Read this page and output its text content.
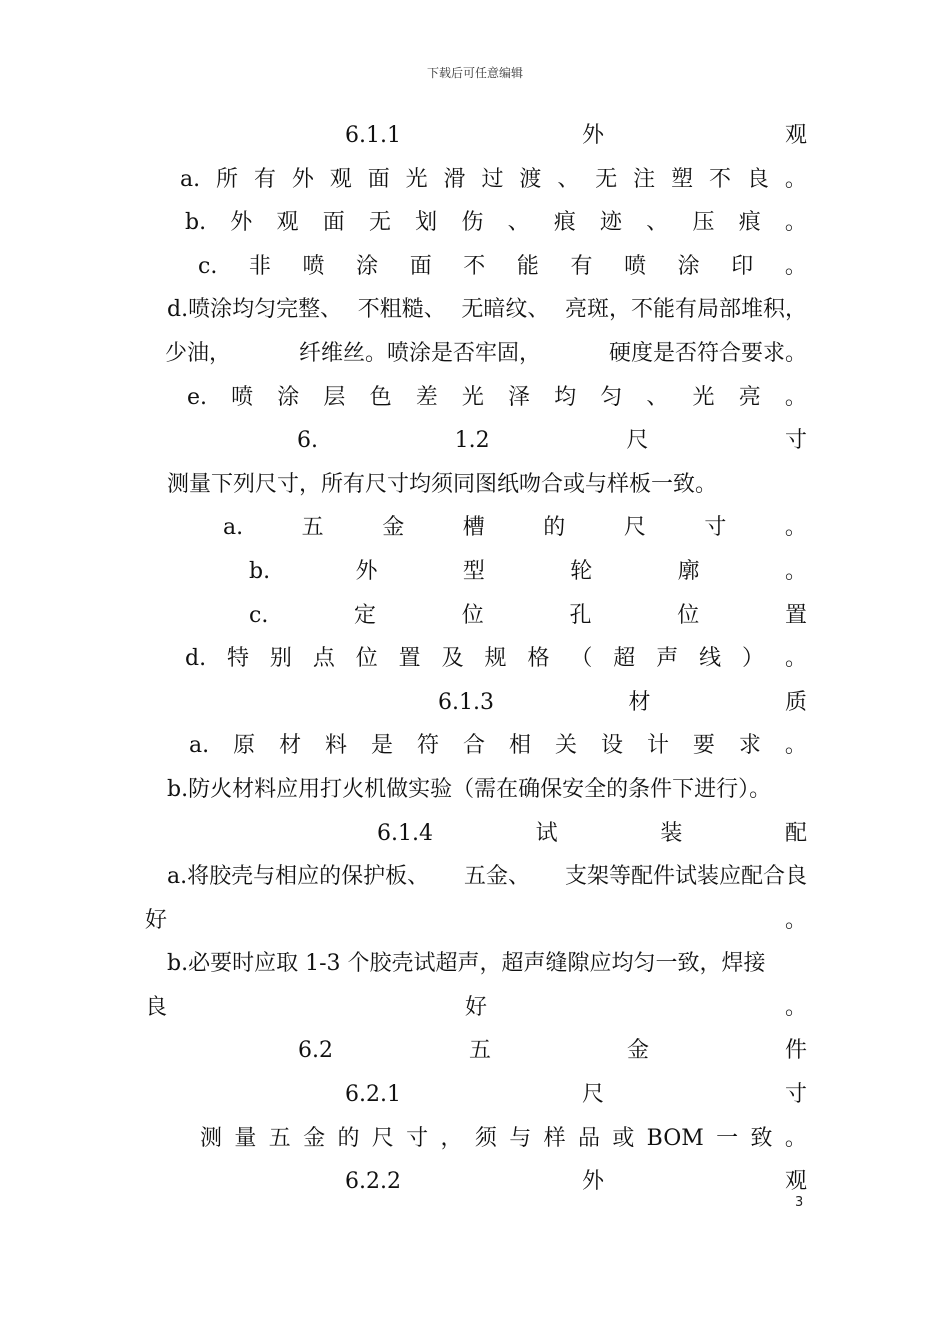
下载后可任意编辑
6.1.1	外	观
a. 所 有 外 观 面 光 滑 过 渡 、 无 注 塑 不 良 。
b. 外 观 面 无 划 伤 、 痕 迹 、 压 痕 。
c. 非 喷 涂 面 不 能 有 喷 涂 印 。
d.喷涂均匀完整、 不粗糙、 无暗纹、 亮斑，不能有局部堆积，
少油，	纤维丝。喷涂是否牢固，	硬度是否符合要求。
e. 喷 涂 层 色 差 光 泽 均 匀 、 光 亮 。
6.	1.2	尺	寸
测量下列尺寸，所有尺寸均须同图纸吻合或与样板一致。
a.	五	金	槽	的	尺	寸	。
b.	外	型	轮	廓	。
c.	定	位	孔	位	置
d. 特 别 点 位 置 及 规 格 （ 超 声 线 ） 。
6.1.3	材	质
a. 原 材 料 是 符 合 相 关 设 计 要 求 。
b.防火材料应用打火机做实验（需在确保安全的条件下进行）。
6.1.4	试	装	配
a.将胶壳与相应的保护板、 五金、 支架等配件试装应配合良
好	。
b.必要时应取 1-3 个胶壳试超声，超声缝隙应均匀一致，焊接
良	好	。
6.2	五	金	件
6.2.1	尺	寸
测 量 五 金 的 尺 寸 ， 须 与 样 品 或 BOM 一 致 。
6.2.2	外	观
3
